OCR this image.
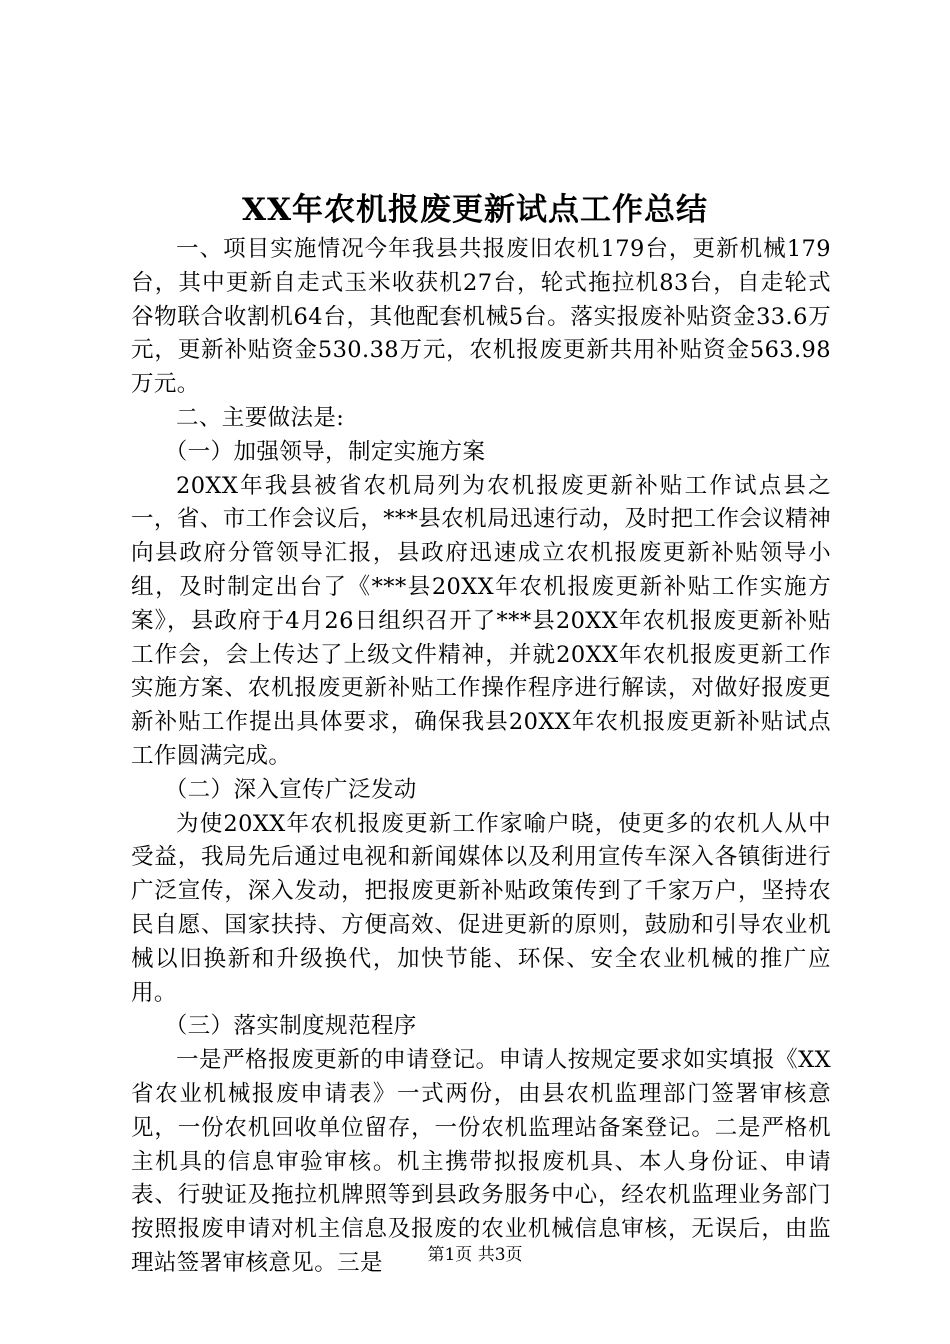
XX年农机报废更新试点工作总结

一、项目实施情况今年我县共报废旧农机179台，更新机械179台，其中更新自走式玉米收获机27台，轮式拖拉机83台，自走轮式谷物联合收割机64台，其他配套机械5台。落实报废补贴资金33.6万元，更新补贴资金530.38万元，农机报废更新共用补贴资金563.98万元。

二、主要做法是:

（一）加强领导，制定实施方案

20XX年我县被省农机局列为农机报废更新补贴工作试点县之一，省、市工作会议后，***县农机局迅速行动，及时把工作会议精神向县政府分管领导汇报，县政府迅速成立农机报废更新补贴领导小组，及时制定出台了《***县20XX年农机报废更新补贴工作实施方案》，县政府于4月26日组织召开了***县20XX年农机报废更新补贴工作会，会上传达了上级文件精神，并就20XX年农机报废更新工作实施方案、农机报废更新补贴工作操作程序进行解读，对做好报废更新补贴工作提出具体要求，确保我县20XX年农机报废更新补贴试点工作圆满完成。

（二）深入宣传广泛发动

为使20XX年农机报废更新工作家喻户晓，使更多的农机人从中受益，我局先后通过电视和新闻媒体以及利用宣传车深入各镇街进行广泛宣传，深入发动，把报废更新补贴政策传到了千家万户，坚持农民自愿、国家扶持、方便高效、促进更新的原则，鼓励和引导农业机械以旧换新和升级换代，加快节能、环保、安全农业机械的推广应用。

（三）落实制度规范程序

一是严格报废更新的申请登记。申请人按规定要求如实填报《XX省农业机械报废申请表》一式两份，由县农机监理部门签署审核意见，一份农机回收单位留存，一份农机监理站备案登记。二是严格机主机具的信息审验审核。机主携带拟报废机具、本人身份证、申请表、行驶证及拖拉机牌照等到县政务服务中心，经农机监理业务部门按照报废申请对机主信息及报废的农业机械信息审核，无误后，由监理站签署审核意见。三是	第1页 共3页
